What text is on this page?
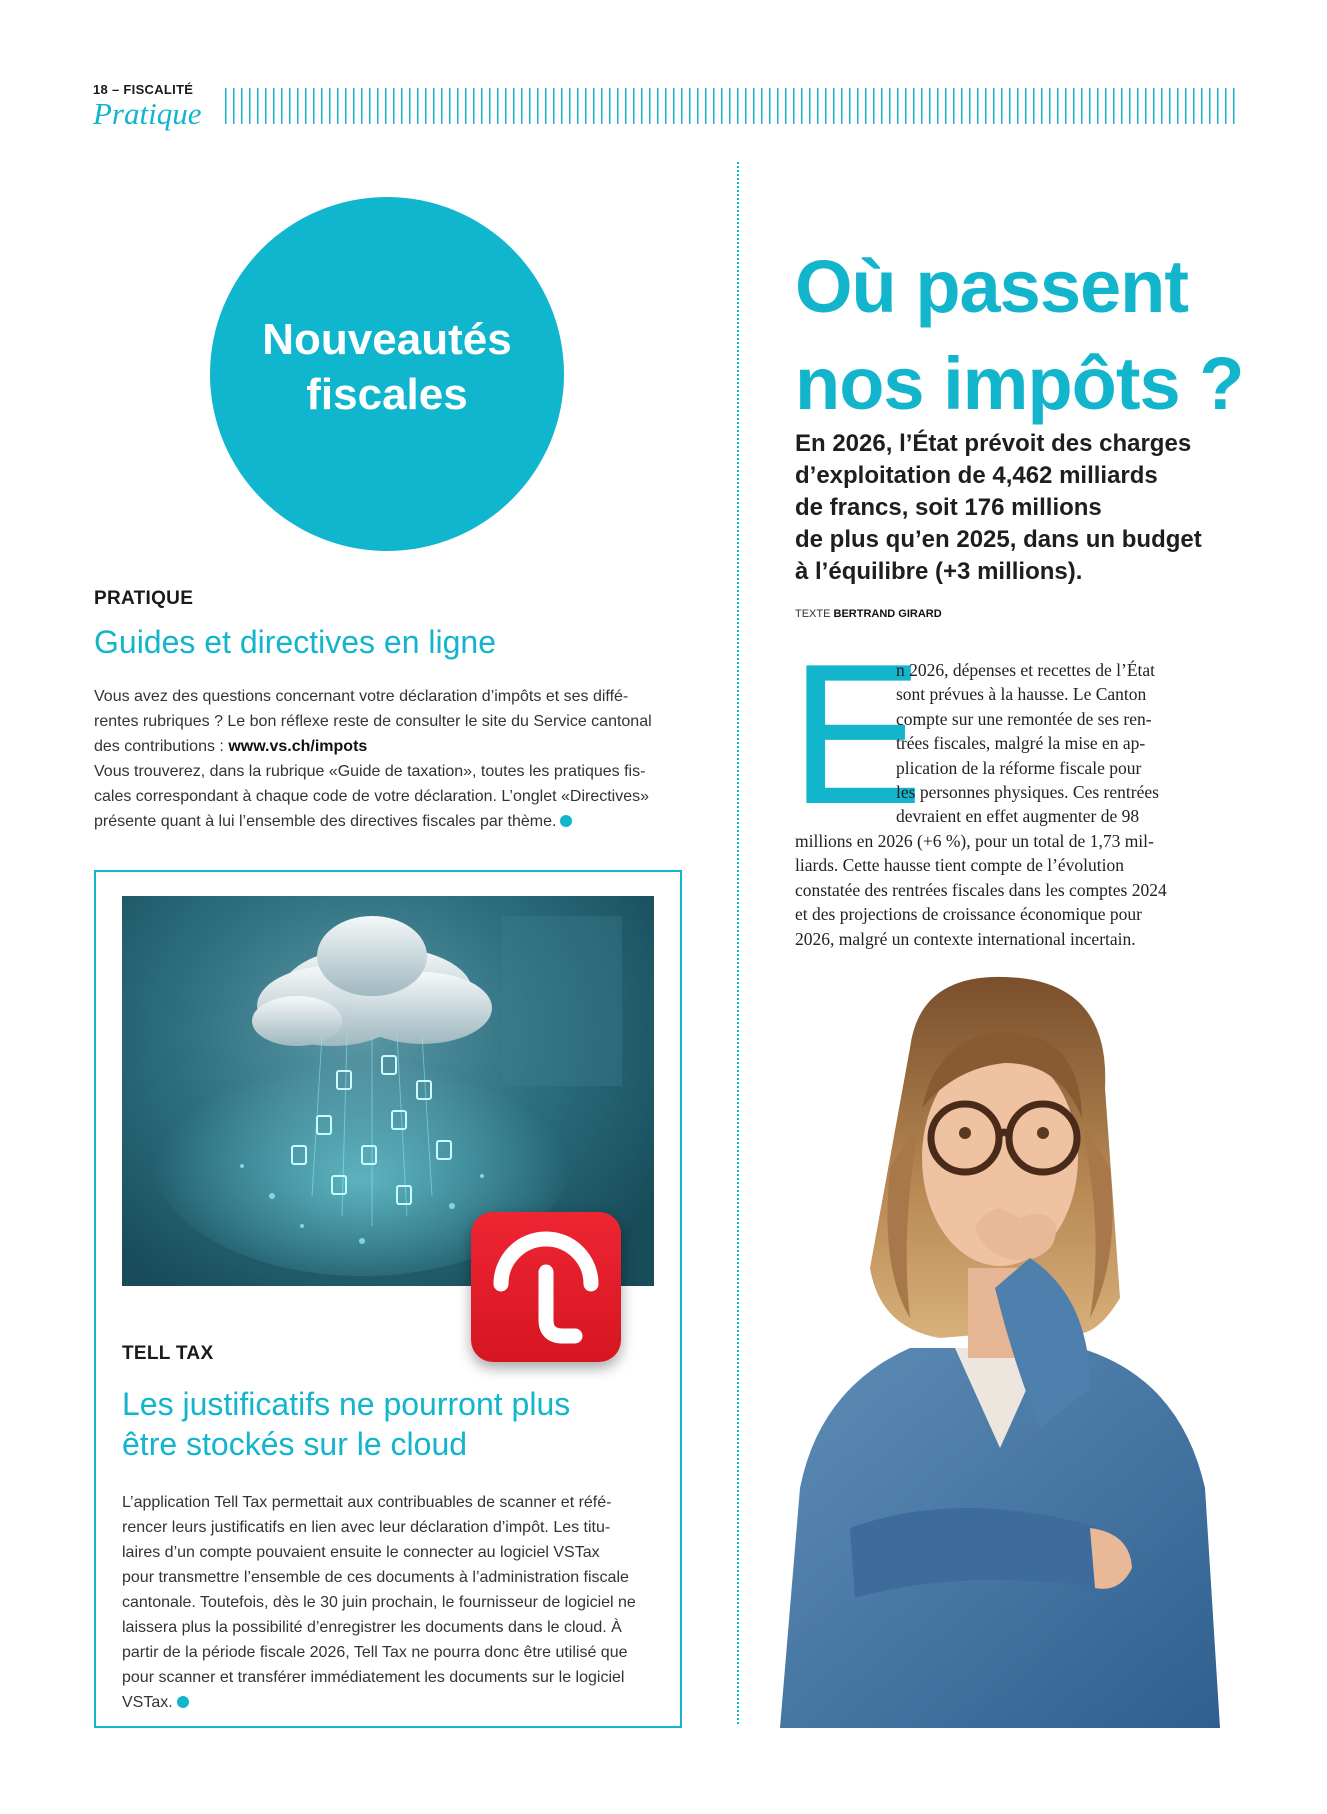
18 – FISCALITÉ
Pratique
Nouveautés
fiscales
PRATIQUE
Guides et directives en ligne
Vous avez des questions concernant votre déclaration d’impôts et ses diffé-
rentes rubriques ? Le bon réflexe reste de consulter le site du Service cantonal
des contributions : www.vs.ch/impots
Vous trouverez, dans la rubrique «Guide de taxation», toutes les pratiques fis-
cales correspondant à chaque code de votre déclaration. L’onglet «Directives»
présente quant à lui l’ensemble des directives fiscales par thème.
TELL TAX
Les justificatifs ne pourront plus
être stockés sur le cloud
L’application Tell Tax permettait aux contribuables de scanner et réfé-
rencer leurs justificatifs en lien avec leur déclaration d’impôt. Les titu-
laires d’un compte pouvaient ensuite le connecter au logiciel VSTax
pour transmettre l’ensemble de ces documents à l’administration fiscale
cantonale. Toutefois, dès le 30 juin prochain, le fournisseur de logiciel ne
laissera plus la possibilité d’enregistrer les documents dans le cloud. À
partir de la période fiscale 2026, Tell Tax ne pourra donc être utilisé que
pour scanner et transférer immédiatement les documents sur le logiciel
VSTax.
Où passent
nos impôts ?
En 2026, l’État prévoit des charges
d’exploitation de 4,462 milliards
de francs, soit 176 millions
de plus qu’en 2025, dans un budget
à l’équilibre (+3 millions).
TEXTE BERTRAND GIRARD
E
n 2026, dépenses et recettes de l’État
sont prévues à la hausse. Le Canton
compte sur une remontée de ses ren-
trées fiscales, malgré la mise en ap-
plication de la réforme fiscale pour
les personnes physiques. Ces rentrées
devraient en effet augmenter de 98
millions en 2026 (+6 %), pour un total de 1,73 mil-
liards. Cette hausse tient compte de l’évolution
constatée des rentrées fiscales dans les comptes 2024
et des projections de croissance économique pour
2026, malgré un contexte international incertain.
